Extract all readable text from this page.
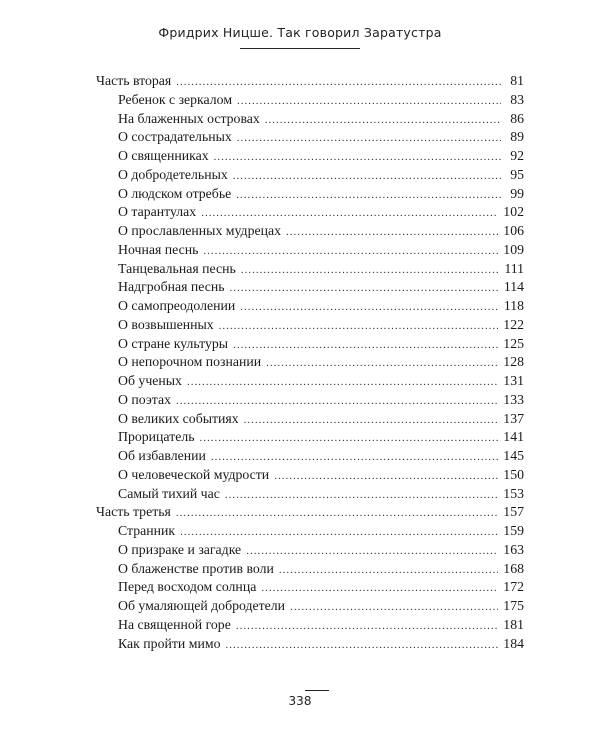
Фридрих Ницше. Так говорил Заратустра
Часть вторая .....	81
Ребенок с зеркалом .....	83
На блаженных островах .....	86
О сострадательных .....	89
О священниках .....	92
О добродетельных .....	95
О людском отребье .....	99
О тарантулах .....	102
О прославленных мудрецах .....	106
Ночная песнь .....	109
Танцевальная песнь .....	111
Надгробная песнь .....	114
О самопреодолении .....	118
О возвышенных .....	122
О стране культуры .....	125
О непорочном познании .....	128
Об ученых .....	131
О поэтах .....	133
О великих событиях .....	137
Прорицатель .....	141
Об избавлении .....	145
О человеческой мудрости .....	150
Самый тихий час .....	153
Часть третья .....	157
Странник .....	159
О призраке и загадке .....	163
О блаженстве против воли .....	168
Перед восходом солнца .....	172
Об умаляющей добродетели .....	175
На священной горе .....	181
Как пройти мимо .....	184
338
